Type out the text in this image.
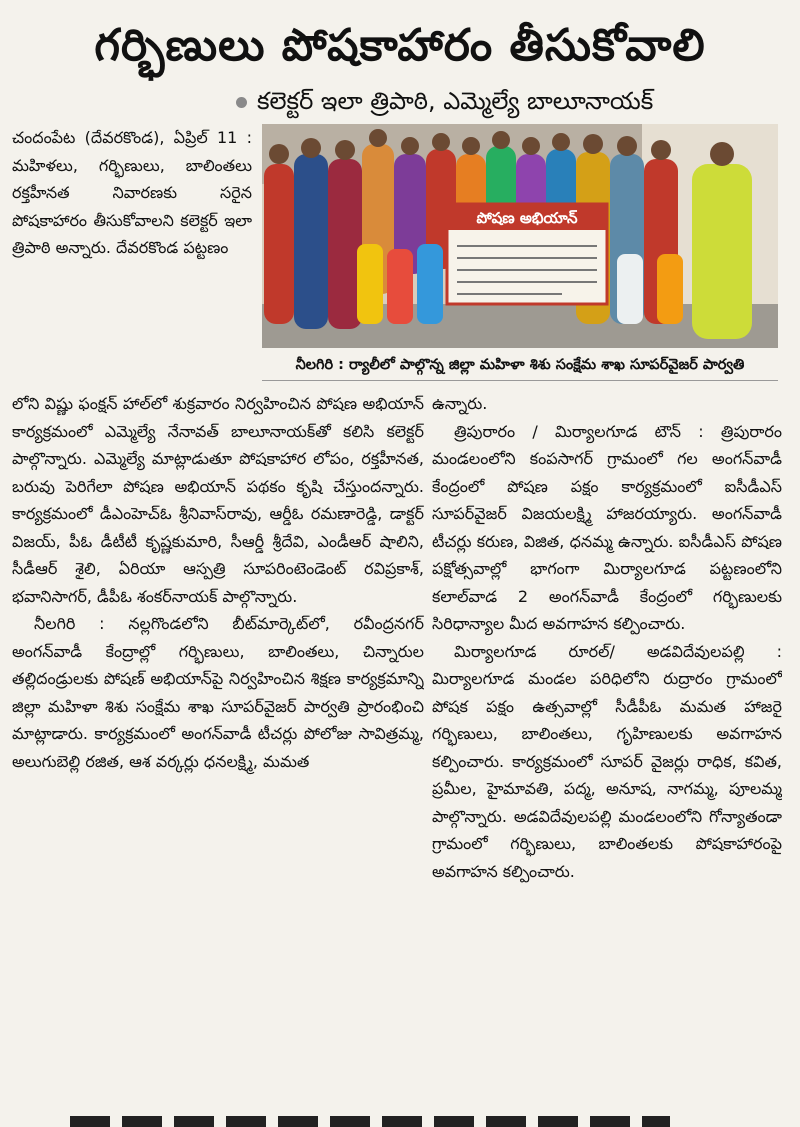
గర్భిణులు పోషకాహారం తీసుకోవాలి
కలెక్టర్ ఇలా త్రిపాఠి, ఎమ్మెల్యే బాలూనాయక్

చందంపేట (దేవరకొండ), ఏప్రిల్ 11 : మహిళలు, గర్భిణులు, బాలింతలు రక్తహీనత నివారణకు సరైన పోషకాహారం తీసుకోవాలని కలెక్టర్ ఇలా త్రిపాఠి అన్నారు. దేవరకొండ పట్టణం

పోషణ అభియాన్
నీలగిరి : ర్యాలీలో పాల్గొన్న జిల్లా మహిళా శిశు సంక్షేమ శాఖ సూపర్‌వైజర్ పార్వతి

లోని విష్ణు ఫంక్షన్ హాల్‌లో శుక్రవారం నిర్వహించిన పోషణ అభియాన్ కార్యక్రమంలో ఎమ్మెల్యే నేనావత్ బాలూనాయక్‌తో కలిసి కలెక్టర్ పాల్గొన్నారు. ఎమ్మెల్యే మాట్లాడుతూ పోషకాహార లోపం, రక్తహీనత, బరువు పెరిగేలా పోషణ అభియాన్ పథకం కృషి చేస్తుందన్నారు. కార్యక్రమంలో డీఎంహెచ్‌ఓ శ్రీనివాస్‌రావు, ఆర్డీఓ రమణారెడ్డి, డాక్టర్ విజయ్, పీఓ డీటీటీ కృష్ణకుమారి, సీఆర్డీ శ్రీదేవి, ఎండీఆర్ షాలిని, సీడీఆర్ శైలి, ఏరియా ఆస్పత్రి సూపరింటెండెంట్ రవిప్రకాశ్, భవానిసాగర్, డీపీఓ శంకర్‌నాయక్ పాల్గొన్నారు.

నీలగిరి : నల్లగొండలోని బీట్‌మార్కెట్‌లో, రవీంద్రనగర్ అంగన్‌వాడీ కేంద్రాల్లో గర్భిణులు, బాలింతలు, చిన్నారుల తల్లిదండ్రులకు పోషణ్ అభియాన్‌పై నిర్వహించిన శిక్షణ కార్యక్రమాన్ని జిల్లా మహిళా శిశు సంక్షేమ శాఖ సూపర్‌వైజర్ పార్వతి ప్రారంభించి మాట్లాడారు. కార్యక్రమంలో అంగన్‌వాడీ టీచర్లు పోలోజు సావిత్రమ్మ, అలుగుబెల్లి రజిత, ఆశ వర్కర్లు ధనలక్ష్మి, మమత

ఉన్నారు.

త్రిపురారం / మిర్యాలగూడ టౌన్ : త్రిపురారం మండలంలోని కంపసాగర్ గ్రామంలో గల అంగన్‌వాడీ కేంద్రంలో పోషణ పక్షం కార్యక్రమంలో ఐసీడీఎస్ సూపర్‌వైజర్ విజయలక్ష్మి హాజరయ్యారు. అంగన్‌వాడీ టీచర్లు కరుణ, విజిత, ధనమ్మ ఉన్నారు. ఐసీడీఎస్ పోషణ పక్షోత్సవాల్లో భాగంగా మిర్యాలగూడ పట్టణంలోని కలాల్‌వాడ 2 అంగన్‌వాడీ కేంద్రంలో గర్భిణులకు సిరిధాన్యాల మీద అవగాహన కల్పించారు.

మిర్యాలగూడ రూరల్/ అడవిదేవులపల్లి : మిర్యాలగూడ మండల పరిధిలోని రుద్రారం గ్రామంలో పోషక పక్షం ఉత్సవాల్లో సీడీపీఓ మమత హాజరై గర్భిణులు, బాలింతలు, గృహిణులకు అవగాహన కల్పించారు. కార్యక్రమంలో సూపర్ వైజర్లు రాధిక, కవిత, ప్రమీల, హైమావతి, పద్మ, అనూష, నాగమ్మ, పూలమ్మ పాల్గొన్నారు. అడవిదేవులపల్లి మండలంలోని గోన్యాతండా గ్రామంలో గర్భిణులు, బాలింతలకు పోషకాహారంపై అవగాహన కల్పించారు.
